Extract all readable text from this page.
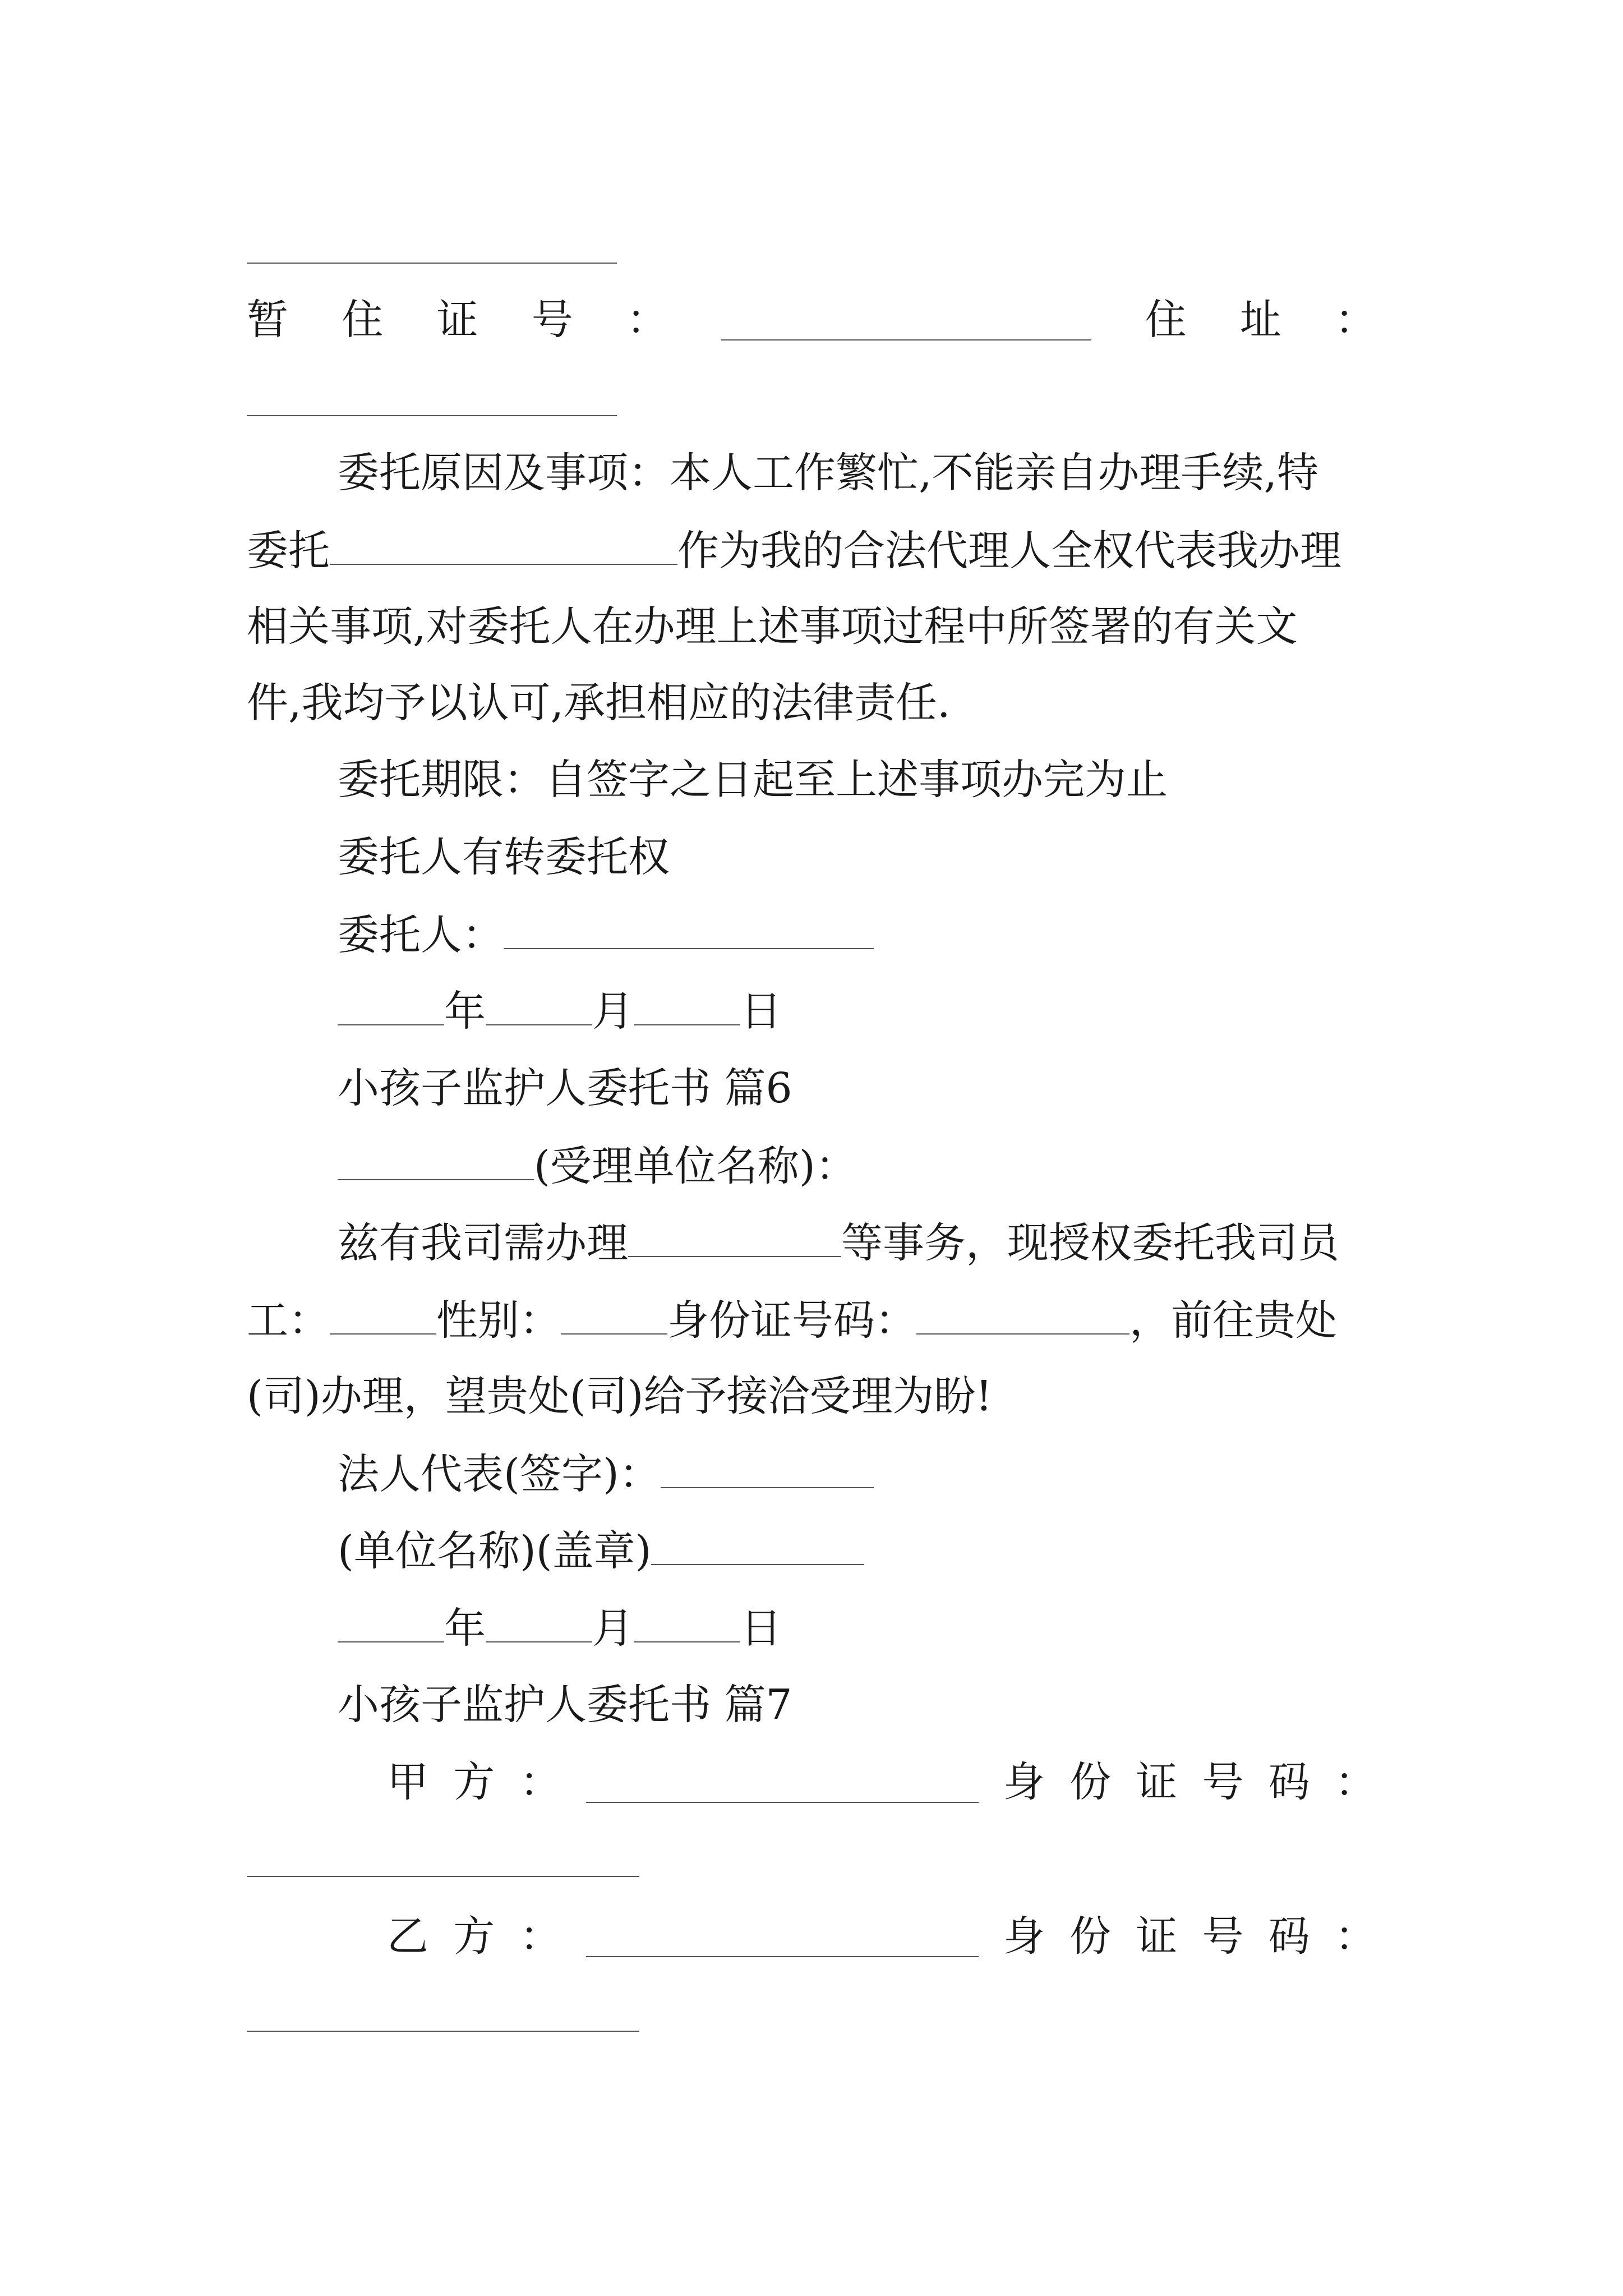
暂 住 证 号 ：	住 址 ：
委托原因及事项：本人工作繁忙,不能亲自办理手续,特
委托	作为我的合法代理人全权代表我办理
相关事项,对委托人在办理上述事项过程中所签署的有关文
件,我均予以认可,承担相应的法律责任.
委托期限：自签字之日起至上述事项办完为止
委托人有转委托权
委托人：
年	月	日
小孩子监护人委托书 篇6
(受理单位名称)：
兹有我司需办理	等事务，现授权委托我司员
工：	性别：	身份证号码：	，前往贵处
(司)办理，望贵处(司)给予接洽受理为盼!
法人代表(签字)：
(单位名称)(盖章)
年	月	日
小孩子监护人委托书 篇7
甲 方 ：	身 份 证 号 码 ：
乙 方 ：	身 份 证 号 码 ：
